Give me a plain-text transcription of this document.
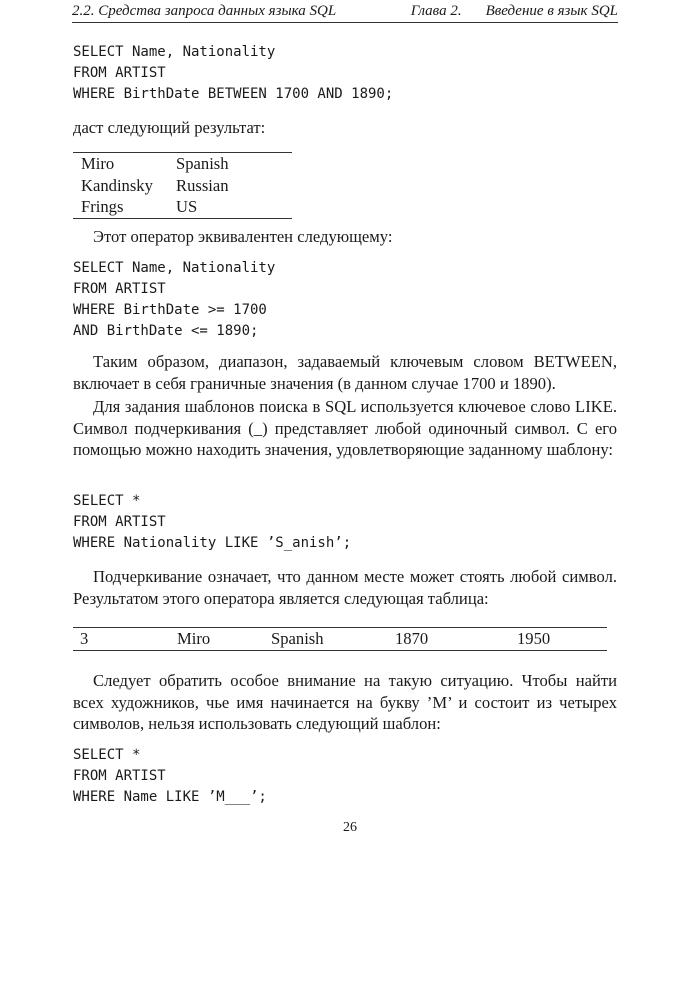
2.2. Средства запроса данных языка SQL	Глава 2. Введение в язык SQL
SELECT Name, Nationality
FROM ARTIST
WHERE BirthDate BETWEEN 1700 AND 1890;

даст следующий результат:

Miro	Spanish
Kandinsky Russian
Frings	US

Этот оператор эквивалентен следующему:

SELECT Name, Nationality
FROM ARTIST
WHERE BirthDate >= 1700
AND BirthDate <= 1890;

Таким образом, диапазон, задаваемый ключевым словом BETWEEN, включает в себя граничные значения (в данном случае 1700 и 1890).

Для задания шаблонов поиска в SQL используется ключевое слово LIKE. Символ подчеркивания (_) представляет любой одиночный символ. С его помощью можно находить значения, удовлетворяющие заданному шаблону:

SELECT *
FROM ARTIST
WHERE Nationality LIKE ’S_anish’;

Подчеркивание означает, что данном месте может стоять любой символ. Результатом этого оператора является следующая таблица:

3	Miro	Spanish	1870	1950

Следует обратить особое внимание на такую ситуацию. Чтобы найти всех художников, чье имя начинается на букву ’M’ и состоит из четырех символов, нельзя использовать следующий шаблон:

SELECT *
FROM ARTIST
WHERE Name LIKE ’M___’;
26
